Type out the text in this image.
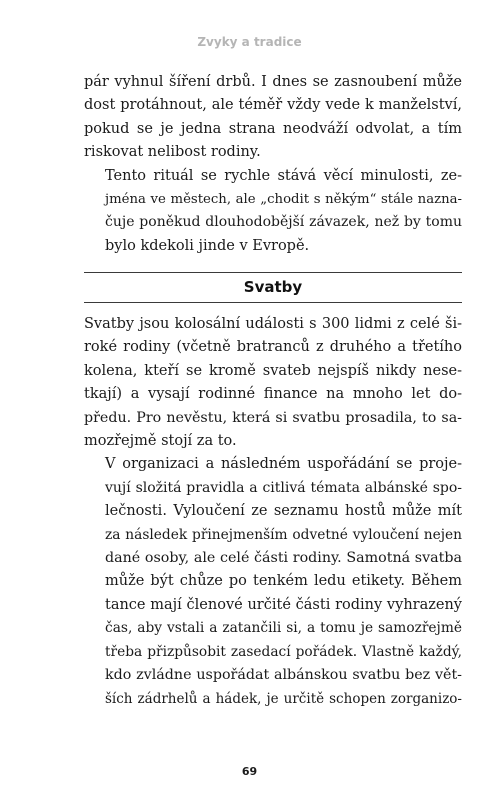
Zvyky a tradice

pár vyhnul šíření drbů. I dnes se zasnoubení může
dost protáhnout, ale téměř vždy vede k manželství,
pokud se je jedna strana neodváží odvolat, a tím
riskovat nelibost rodiny.

Tento rituál se rychle stává věcí minulosti, ze-
jména ve městech, ale „chodit s někým“ stále nazna-
čuje poněkud dlouhodobější závazek, než by tomu
bylo kdekoli jinde v Evropě.

Svatby

Svatby jsou kolosální události s 300 lidmi z celé ši-
roké rodiny (včetně bratranců z druhého a třetího
kolena, kteří se kromě svateb nejspíš nikdy nese-
tkají) a vysají rodinné finance na mnoho let do-
předu. Pro nevěstu, která si svatbu prosadila, to sa-
mozřejmě stojí za to.

V organizaci a následném uspořádání se proje-
vují složitá pravidla a citlivá témata albánské spo-
lečnosti. Vyloučení ze seznamu hostů může mít
za následek přinejmenším odvetné vyloučení nejen
dané osoby, ale celé části rodiny. Samotná svatba
může být chůze po tenkém ledu etikety. Během
tance mají členové určité části rodiny vyhrazený
čas, aby vstali a zatančili si, a tomu je samozřejmě
třeba přizpůsobit zasedací pořádek. Vlastně každý,
kdo zvládne uspořádat albánskou svatbu bez vět-
ších zádrhelů a hádek, je určitě schopen zorganizo-

69
